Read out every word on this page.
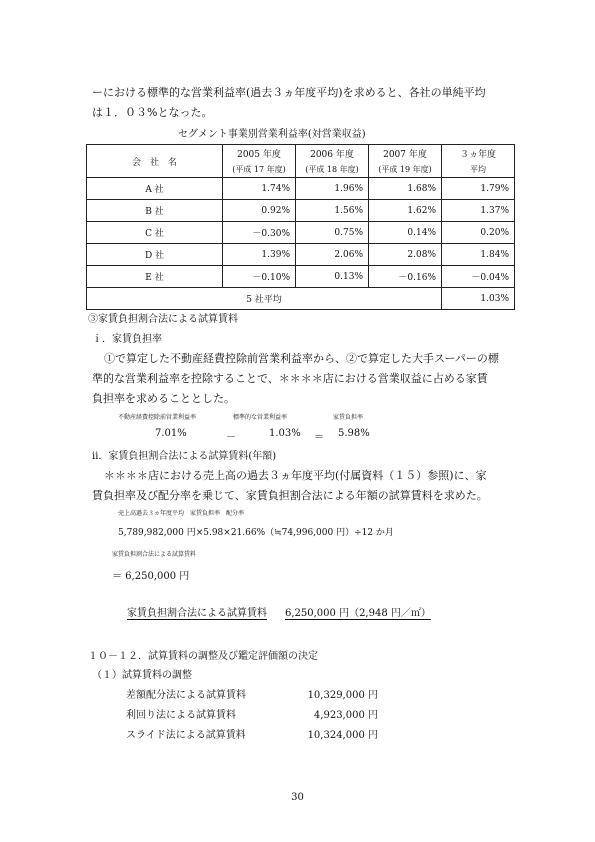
ーにおける標準的な営業利益率(過去３ヵ年度平均)を求めると、各社の単純平均
は１．０３%となった。
セグメント事業別営業利益率(対営業収益)
会　社　名	2005 年度	2006 年度	2007 年度	３ヵ年度
	(平成 17 年度)	(平成 18 年度)	(平成 19 年度)	平均
A 社	1.74%	1.96%	1.68%	1.79%
B 社	0.92%	1.56%	1.62%	1.37%
C 社	－0.30%	0.75%	0.14%	0.20%
D 社	1.39%	2.06%	2.08%	1.84%
E 社	－0.10%	0.13%	－0.16%	－0.04%
5 社平均				1.03%
③家賃負担割合法による試算賃料
ｉ．家賃負担率
①で算定した不動産経費控除前営業利益率から、②で算定した大手スーパーの標
準的な営業利益率を控除することで、＊＊＊＊店における営業収益に占める家賃
負担率を求めることとした。
不動産経費控除前営業利益率	標準的な営業利益率	家賃負担率
7.01%	－	1.03% ＝ 5.98%
ⅱ．家賃負担割合法による試算賃料(年額)
＊＊＊＊店における売上高の過去３ヵ年度平均(付属資料（１５）参照)に、家
賃負担率及び配分率を乗じて、家賃負担割合法による年額の試算賃料を求めた。
売上高過去３ヵ年度平均　家賃負担率　配分率
5,789,982,000 円×5.98×21.66%（≒74,996,000 円）÷12 か月
家賃負担割合法による試算賃料
＝ 6,250,000 円
家賃負担割合法による試算賃料 6,250,000 円（2,948 円／㎡）
１０－１２．試算賃料の調整及び鑑定評価額の決定
（１）試算賃料の調整
差額配分法による試算賃料	10,329,000 円
利回り法による試算賃料	4,923,000 円
スライド法による試算賃料	10,324,000 円
30
